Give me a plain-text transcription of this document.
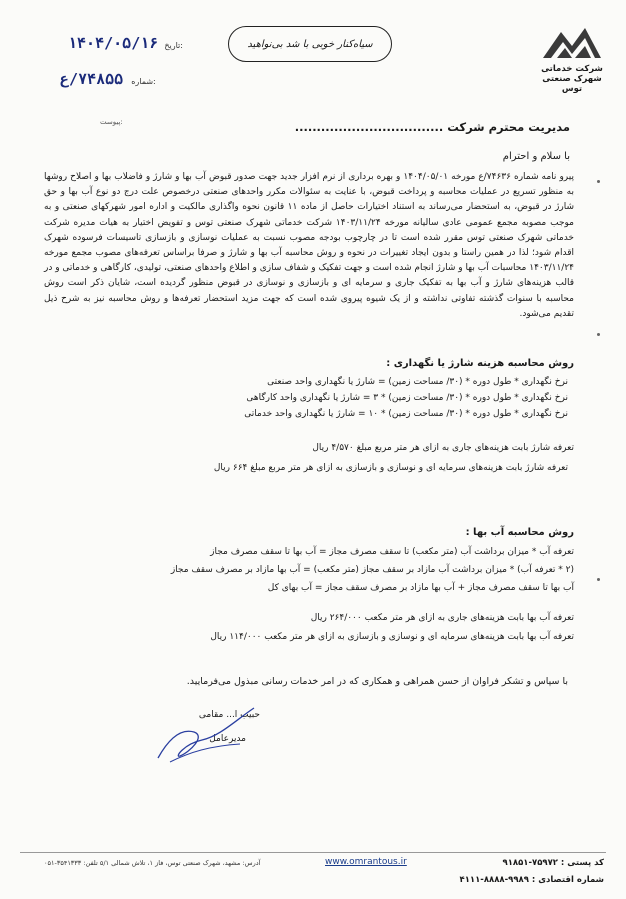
شرکت خدماتی شهرک صنعتی توس
سیاه‌کنار خوبی با شد بی‌نواهید
۱۴۰۴/۰۵/۱۶ تاریخ:
۷۴۸۵۵/ع شماره:
پیوست:	مدیریت محترم شرکت ..................................
با سلام و احترام
پیرو نامه شماره ۷۴۶۳۶/ع مورخه ۱۴۰۴/۰۵/۰۱ و بهره برداری از نرم افزار جدید جهت صدور قبوض آب بها و شارژ و فاضلاب بها و اصلاح روشها به منظور تسریع در عملیات محاسبه و پرداخت قبوض، با عنایت به سئوالات مکرر واحدهای صنعتی درخصوص علت درج دو نوع آب بها و حق شارژ در قبوض، به استحضار می‌رساند به استناد اختیارات حاصل از ماده ۱۱ قانون نحوه واگذاری مالکیت و اداره امور شهرکهای صنعتی و به موجب مصوبه مجمع عمومی عادی سالیانه مورخه ۱۴۰۳/۱۱/۲۴ شرکت خدماتی شهرک صنعتی توس و تفویض اختیار به هیات مدیره شرکت خدماتی شهرک صنعتی توس مقرر شده است تا در چارچوب بودجه مصوب نسبت به عملیات نوسازی و بازسازی تاسیسات فرسوده شهرک اقدام شود؛ لذا در همین راستا و بدون ایجاد تغییرات در نحوه و روش محاسبه آب بها و شارژ و صرفا براساس تعرفه‌های مصوب مجمع مورخه ۱۴۰۳/۱۱/۲۴ محاسبات آب بها و شارژ انجام شده است و جهت تفکیک و شفاف سازی و اطلاع واحدهای صنعتی، تولیدی، کارگاهی و خدماتی و در قالب هزینه‌های شارژ و آب بها به تفکیک جاری و سرمایه ای و بازسازی و نوسازی در قبوض منظور گردیده است، شایان ذکر است روش محاسبه با سنوات گذشته تفاوتی نداشته و از یک شیوه پیروی شده است که جهت مزید استحضار تعرفه‌ها و روش محاسبه نیز به شرح ذیل تقدیم می‌شود.
روش محاسبه هزینه شارژ یا نگهداری :
نرخ نگهداری * طول دوره * (۳۰/ مساحت زمین) = شارژ یا نگهداری واحد صنعتی
نرخ نگهداری * طول دوره * (۳۰/ مساحت زمین) * ۳ = شارژ یا نگهداری واحد کارگاهی
نرخ نگهداری * طول دوره * (۳۰/ مساحت زمین) * ۱۰ = شارژ یا نگهداری واحد خدماتی
تعرفه شارژ بابت هزینه‌های جاری به ازای هر متر مربع مبلغ ۴/۵۷۰ ریال
تعرفه شارژ بابت هزینه‌های سرمایه ای و نوسازی و بازسازی به ازای هر متر مربع مبلغ ۶۶۴ ریال
روش محاسبه آب بها :
تعرفه آب * میزان برداشت آب (متر مکعب) تا سقف مصرف مجاز = آب بها تا سقف مصرف مجاز
(۲ * تعرفه آب) * میزان برداشت آب مازاد بر سقف مجاز (متر مکعب) = آب بها مازاد بر مصرف سقف مجاز
آب بها تا سقف مصرف مجاز + آب بها مازاد بر مصرف سقف مجاز = آب بهای کل
تعرفه آب بها بابت هزینه‌های جاری به ازای هر متر مکعب ۲۶۴/۰۰۰ ریال
تعرفه آب بها بابت هزینه‌های سرمایه ای و نوسازی و بازسازی به ازای هر متر مکعب ۱۱۴/۰۰۰ ریال
با سپاس و تشکر فراوان از حسن همراهی و همکاری که در امر خدمات رسانی مبذول می‌فرمایید.
حبیب ا... مقامی
مدیرعامل
آدرس: مشهد، شهرک صنعتی توس، فاز ۱، تلاش شمالی ۵/۱ تلفن: ۳۵۴۱۳۳۳-۰۵۱	www.omrantous.ir	کد پستی : ۷۵۹۷۲-۹۱۸۵۱
شماره اقتصادی : ۹۹۸۹-۸۸۸۸-۴۱۱۱
